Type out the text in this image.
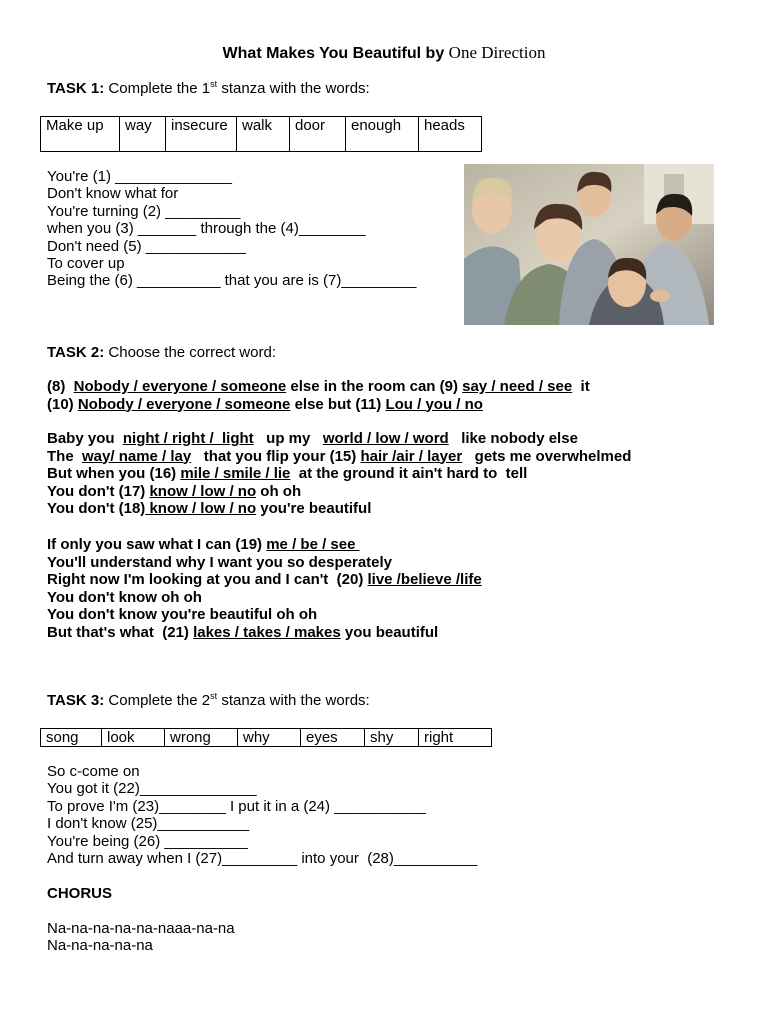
What Makes You Beautiful by One Direction
TASK 1: Complete the 1st stanza with the words:
Make up	way	insecure	walk	door	enough	heads
You're (1) ______________
Don't know what for
You're turning (2) _________
when you (3) _______ through the (4)________
Don't need (5) ____________
To cover up
Being the (6) __________ that you are is (7)_________
TASK 2: Choose the correct word:
(8)  Nobody / everyone / someone else in the room can (9) say / need / see  it
(10) Nobody / everyone / someone else but (11) Lou / you / no
Baby you  night / right /  light   up my   world / low / word   like nobody else
The  way/ name / lay   that you flip your (15) hair /air / layer   gets me overwhelmed
But when you (16) mile / smile / lie  at the ground it ain't hard to  tell
You don't (17) know / low / no oh oh
You don't (18) know / low / no you're beautiful
If only you saw what I can (19) me / be / see
You'll understand why I want you so desperately
Right now I'm looking at you and I can't  (20) live /believe /life
You don't know oh oh
You don't know you're beautiful oh oh
But that's what  (21) lakes / takes / makes you beautiful
TASK 3: Complete the 2st stanza with the words:
song	look	wrong	why	eyes	shy	right
So c-come on
You got it (22)______________
To prove I'm (23)________ I put it in a (24) ___________
I don't know (25)___________
You're being (26) __________
And turn away when I (27)_________ into your  (28)__________
CHORUS
Na-na-na-na-na-naaa-na-na
Na-na-na-na-na
